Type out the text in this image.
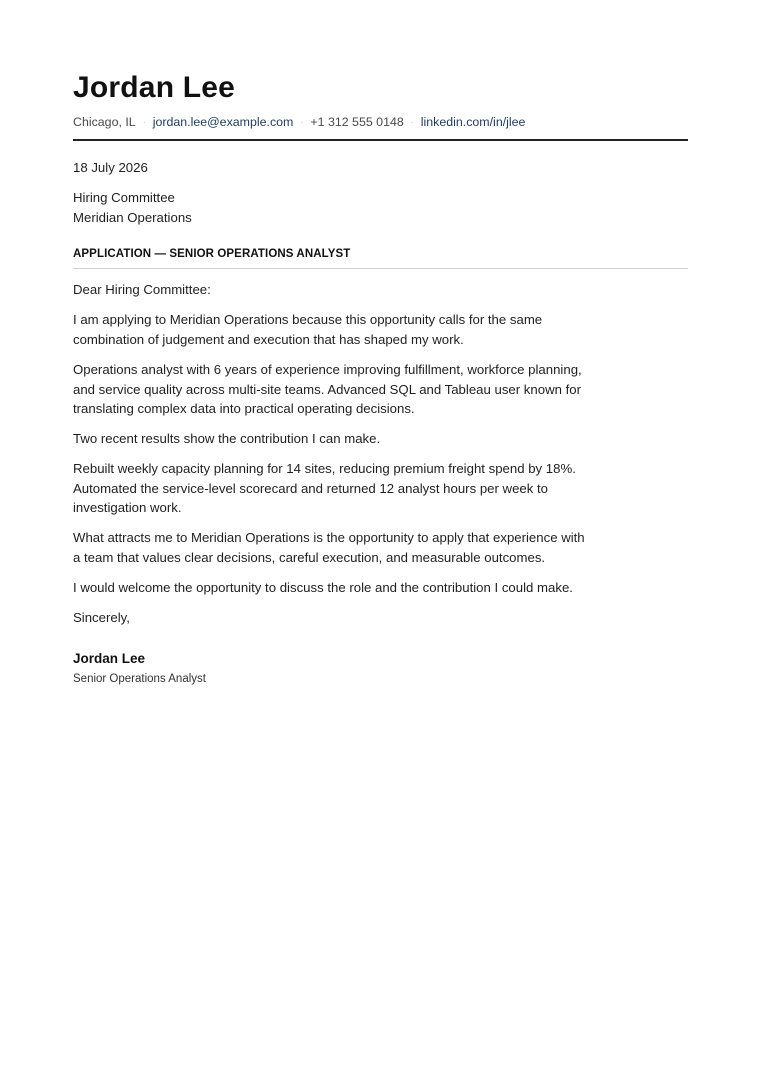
Jordan Lee
Chicago, IL · jordan.lee@example.com · +1 312 555 0148 · linkedin.com/in/jlee
18 July 2026
Hiring Committee
Meridian Operations
APPLICATION — SENIOR OPERATIONS ANALYST
Dear Hiring Committee:
I am applying to Meridian Operations because this opportunity calls for the same combination of judgement and execution that has shaped my work.
Operations analyst with 6 years of experience improving fulfillment, workforce planning, and service quality across multi-site teams. Advanced SQL and Tableau user known for translating complex data into practical operating decisions.
Two recent results show the contribution I can make.
Rebuilt weekly capacity planning for 14 sites, reducing premium freight spend by 18%. Automated the service-level scorecard and returned 12 analyst hours per week to investigation work.
What attracts me to Meridian Operations is the opportunity to apply that experience with a team that values clear decisions, careful execution, and measurable outcomes.
I would welcome the opportunity to discuss the role and the contribution I could make.
Sincerely,
Jordan Lee
Senior Operations Analyst
